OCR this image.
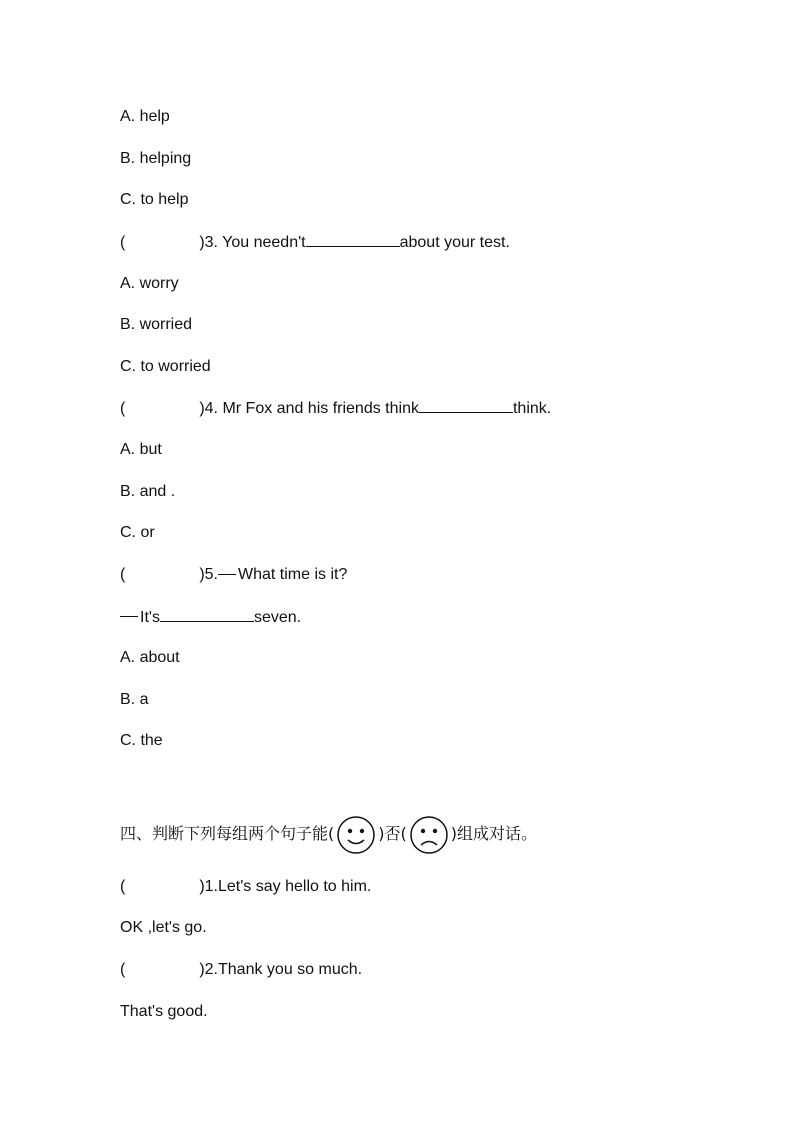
A. help
B. helping
C. to help
(	)3. You needn't	about your test.
A. worry
B. worried
C. to worried
(	)4. Mr Fox and his friends think	think.
A. but
B. and .
C. or
(	)5. What time is it?
It's	seven.
A. about
B. a
C. the
四、判断下列每组两个句子能(	)否(	)组成对话。
(	)1.Let's say hello to him.
OK ,let's go.
(	)2.Thank you so much.
That's good.
